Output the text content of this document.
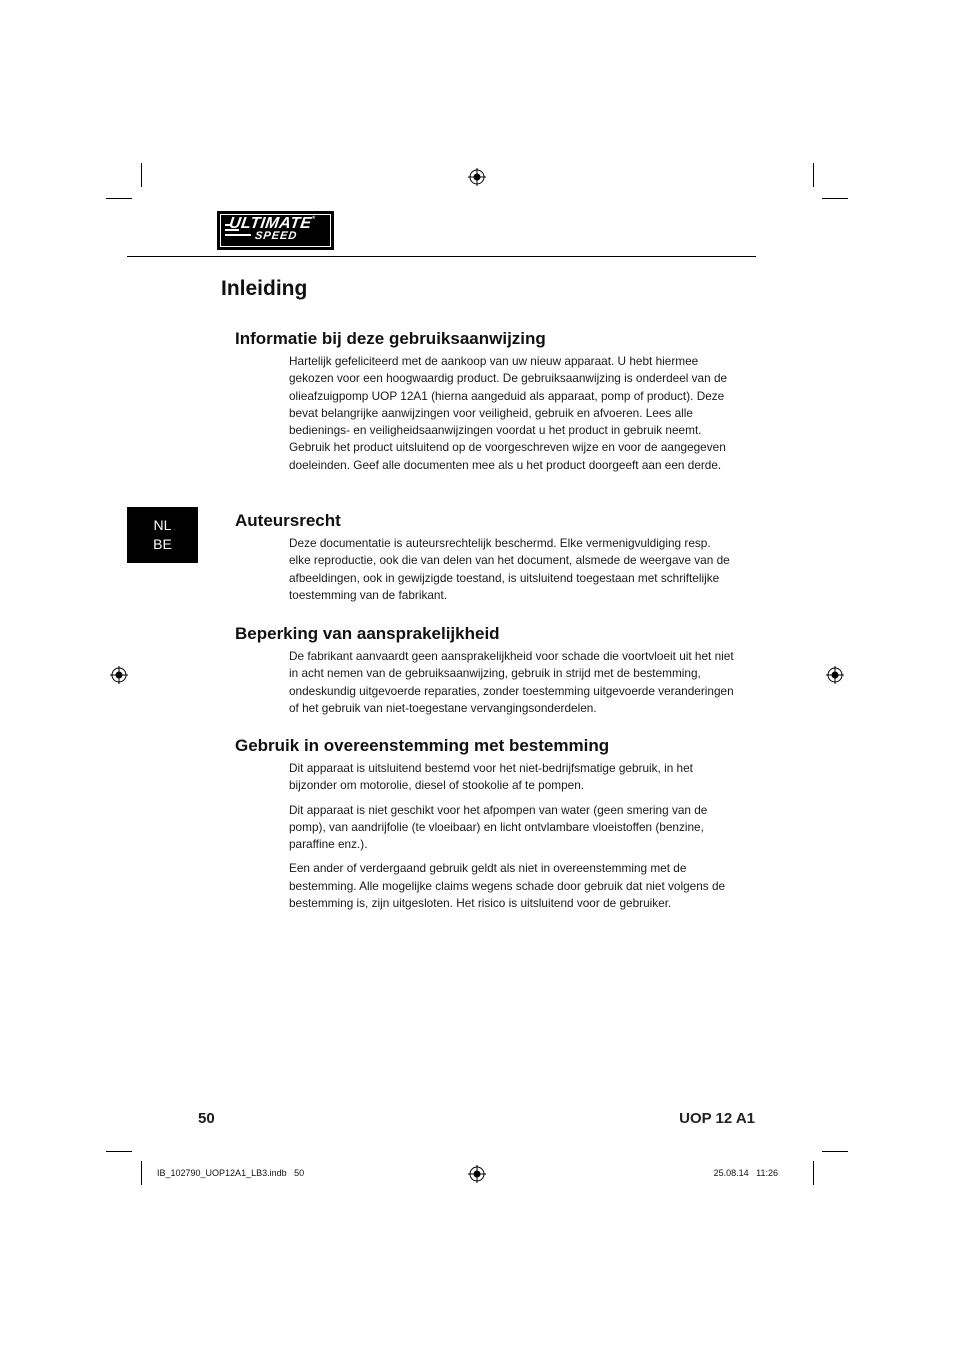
ULTIMATE
SPEED
*
Inleiding
NL
BE
Informatie bij deze gebruiksaanwijzing

Hartelijk gefeliciteerd met de aankoop van uw nieuw apparaat. U hebt hiermee gekozen voor een hoogwaardig product. De gebruiksaanwijzing is onderdeel van de olieafzuigpomp UOP 12A1 (hierna aangeduid als apparaat, pomp of product). Deze bevat belangrijke aanwijzingen voor veiligheid, gebruik en afvoeren. Lees alle bedienings- en veiligheidsaanwijzingen voordat u het product in gebruik neemt. Gebruik het product uitsluitend op de voorgeschreven wijze en voor de aangegeven doeleinden. Geef alle documenten mee als u het product doorgeeft aan een derde.

Auteursrecht

Deze documentatie is auteursrechtelijk beschermd. Elke vermenigvuldiging resp. elke reproductie, ook die van delen van het document, alsmede de weergave van de afbeeldingen, ook in gewijzigde toestand, is uitsluitend toegestaan met schriftelijke toestemming van de fabrikant.

Beperking van aansprakelijkheid

De fabrikant aanvaardt geen aansprakelijkheid voor schade die voortvloeit uit het niet in acht nemen van de gebruiksaanwijzing, gebruik in strijd met de bestemming, ondeskundig uitgevoerde reparaties, zonder toestemming uitgevoerde veranderingen of het gebruik van niet-toegestane vervangingsonderdelen.

Gebruik in overeenstemming met bestemming

Dit apparaat is uitsluitend bestemd voor het niet-bedrijfsmatige gebruik, in het bijzonder om motorolie, diesel of stookolie af te pompen.

Dit apparaat is niet geschikt voor het afpompen van water (geen smering van de pomp), van aandrijfolie (te vloeibaar) en licht ontvlambare vloeistoffen (benzine, paraffine enz.).

Een ander of verdergaand gebruik geldt als niet in overeenstemming met de bestemming. Alle mogelijke claims wegens schade door gebruik dat niet volgens de bestemming is, zijn uitgesloten. Het risico is uitsluitend voor de gebruiker.

50	UOP 12 A1
IB_102790_UOP12A1_LB3.indb   50	25.08.14   11:26
